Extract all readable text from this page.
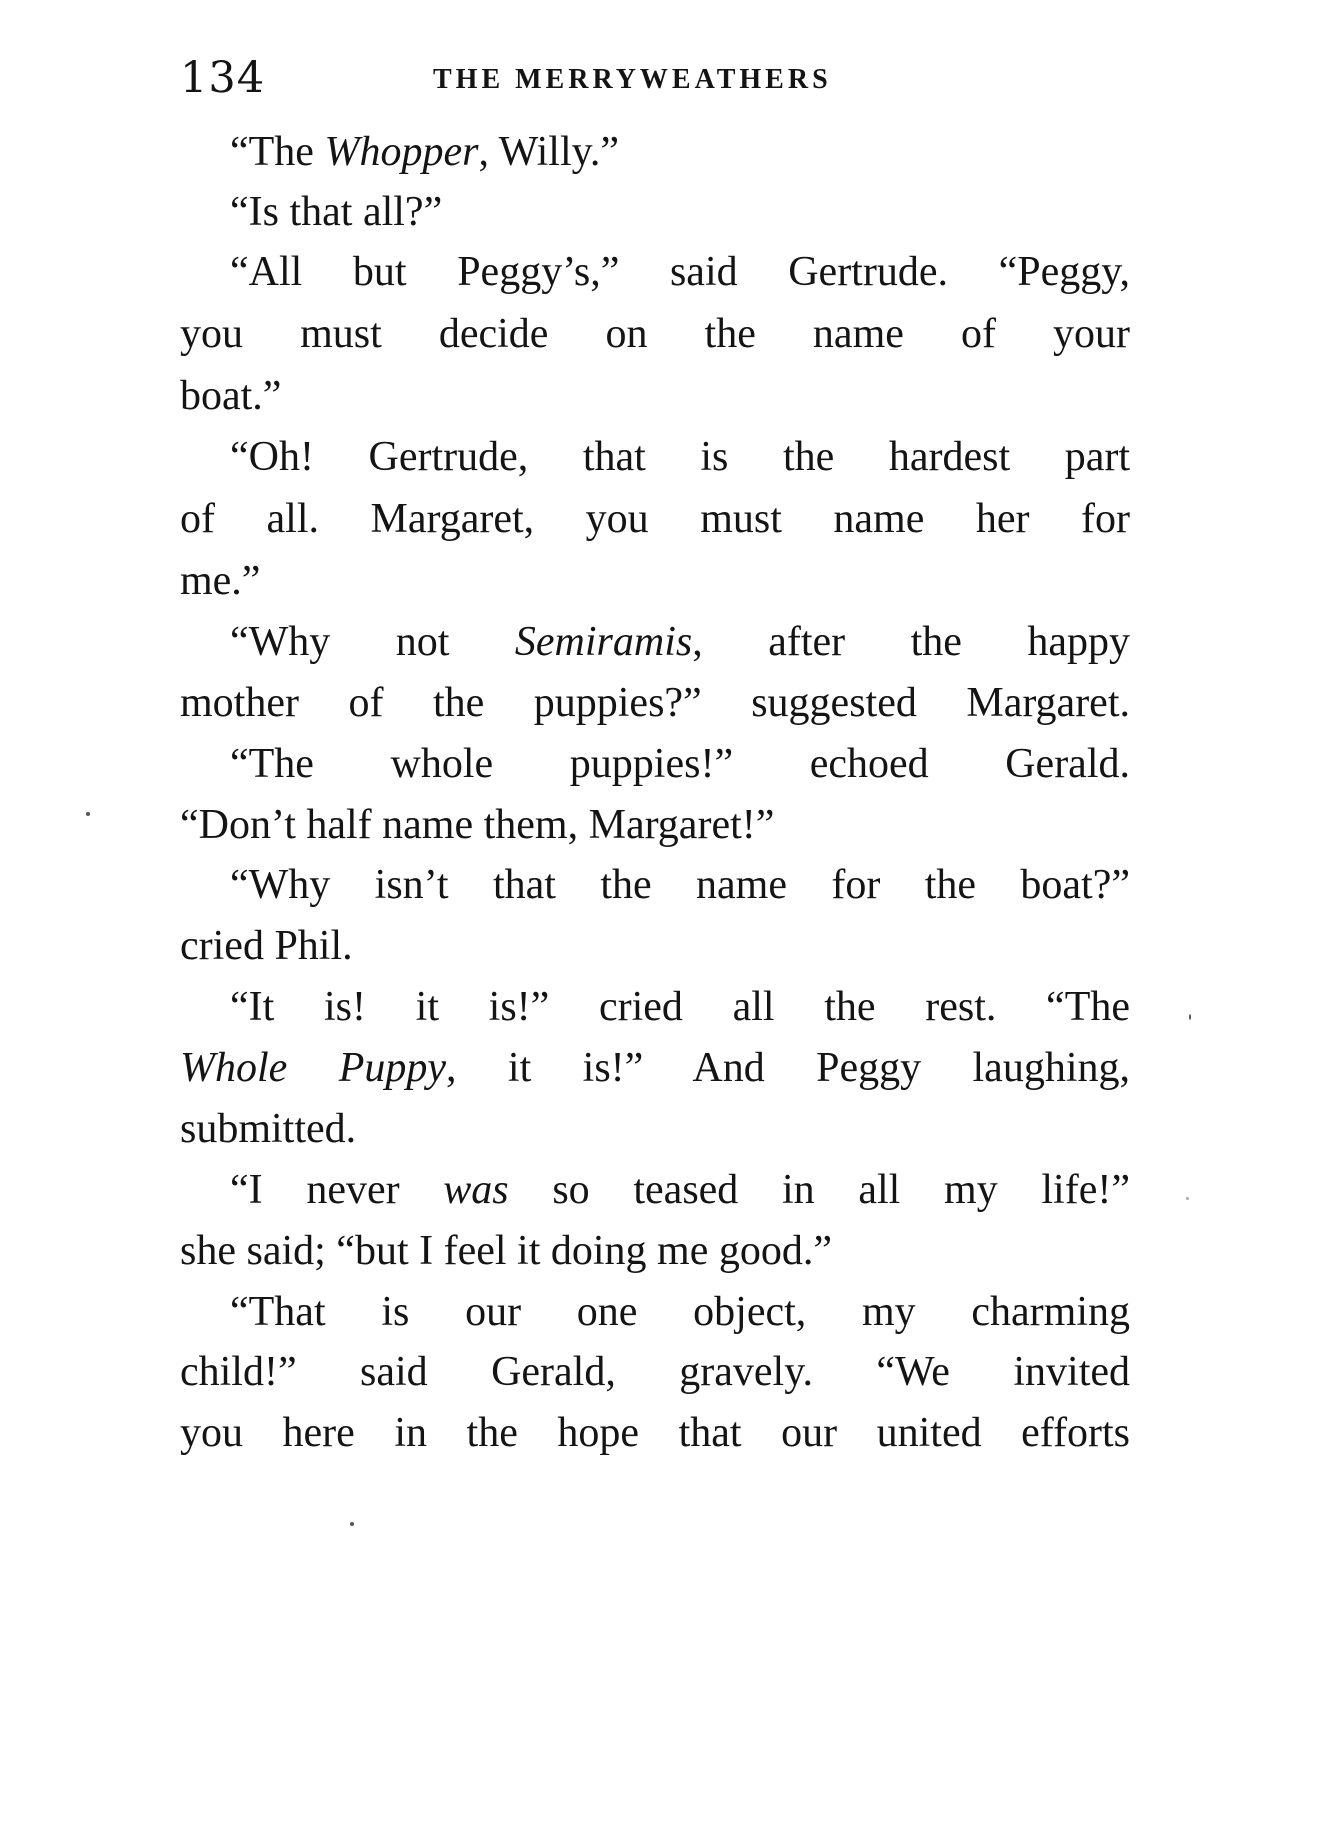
134	THE MERRYWEATHERS
“The Whopper, Willy.”
“Is that all?”
“All but Peggy’s,” said Gertrude. “Peggy,
you must decide on the name of your
boat.”
“Oh! Gertrude, that is the hardest part
of all. Margaret, you must name her for
me.”
“Why not Semiramis, after the happy
mother of the puppies?” suggested Margaret.
“The whole puppies!” echoed Gerald.
“Don’t half name them, Margaret!”
“Why isn’t that the name for the boat?”
cried Phil.
“It is! it is!” cried all the rest. “The
Whole Puppy, it is!” And Peggy laughing,
submitted.
“I never was so teased in all my life!”
she said; “but I feel it doing me good.”
“That is our one object, my charming
child!” said Gerald, gravely. “We invited
you here in the hope that our united efforts
